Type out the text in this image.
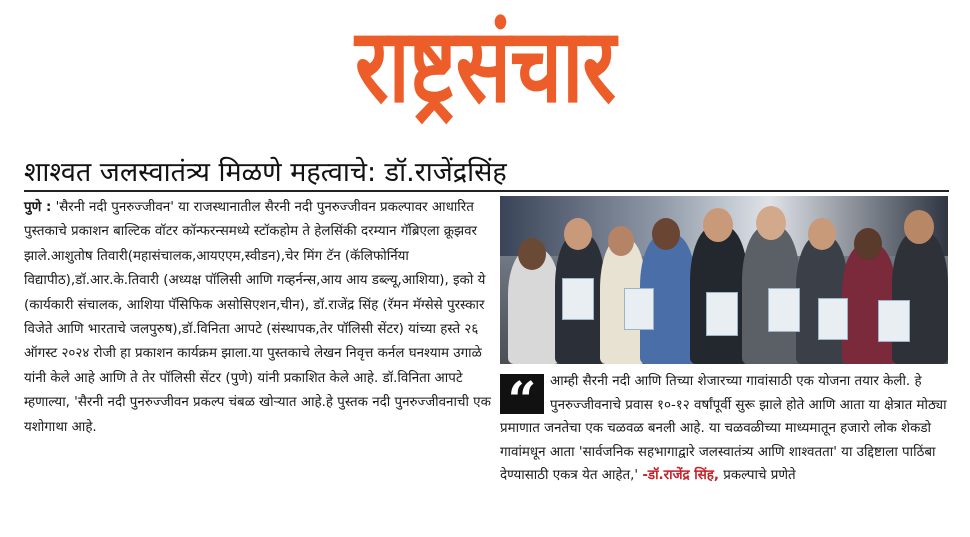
राष्ट्रसंचार
शाश्वत जलस्वातंत्र्य मिळणे महत्वाचे: डॉ.राजेंद्रसिंह
पुणे : 'सैरनी नदी पुनरुज्जीवन' या राजस्थानातील सैरनी नदी पुनरुज्जीवन प्रकल्पावर आधारित पुस्तकाचे प्रकाशन बाल्टिक वॉटर कॉन्फरन्समध्ये स्टॉकहोम ते हेलसिंकी दरम्यान गॅब्रिएला क्रूझवर झाले.आशुतोष तिवारी(महासंचालक,आयएएम,स्वीडन),चेर मिंग टॅन (कॅलिफोर्निया विद्यापीठ),डॉ.आर.के.तिवारी (अध्यक्ष पॉलिसी आणि गव्हर्नन्स,आय आय डब्ल्यू,आशिया), इको ये (कार्यकारी संचालक, आशिया पॅसिफिक असोसिएशन,चीन), डॉ.राजेंद्र सिंह (रॅमन मॅग्सेसे पुरस्कार विजेते आणि भारताचे जलपुरुष),डॉ.विनिता आपटे (संस्थापक,तेर पॉलिसी सेंटर) यांच्या हस्ते २६ ऑगस्ट २०२४ रोजी हा प्रकाशन कार्यक्रम झाला.या पुस्तकाचे लेखन निवृत्त कर्नल घनश्याम उगाळे यांनी केले आहे आणि ते तेर पॉलिसी सेंटर (पुणे) यांनी प्रकाशित केले आहे. डॉ.विनिता आपटे म्हणाल्या, 'सैरनी नदी पुनरुज्जीवन प्रकल्प चंबळ खोऱ्यात आहे.हे पुस्तक नदी पुनरुज्जीवनाची एक यशोगाथा आहे.
आम्ही सैरनी नदी आणि तिच्या शेजारच्या गावांसाठी एक योजना तयार केली. हे पुनरुज्जीवनाचे प्रवास १०-१२ वर्षांपूर्वी सुरू झाले होते आणि आता या क्षेत्रात मोठ्या प्रमाणात जनतेचा एक चळवळ बनली आहे. या चळवळीच्या माध्यमातून हजारो लोक शेकडो गावांमधून आता 'सार्वजनिक सहभागाद्वारे जलस्वातंत्र्य आणि शाश्वतता' या उद्दिष्टाला पाठिंबा देण्यासाठी एकत्र येत आहेत,' -डॉ.राजेंद्र सिंह, प्रकल्पाचे प्रणेते
“
